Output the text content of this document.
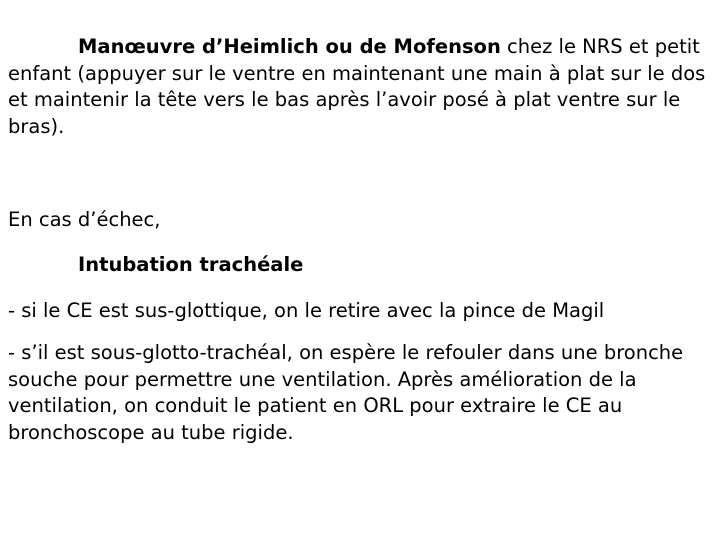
Manœuvre d’Heimlich ou de Mofenson chez le NRS et petit enfant (appuyer sur le ventre en maintenant une main à plat sur le dos et maintenir la tête vers le bas après l’avoir posé à plat ventre sur le bras).

En cas d’échec,

Intubation trachéale

- si le CE est sus-glottique, on le retire avec la pince de Magil

- s’il est sous-glotto-trachéal, on espère le refouler dans une bronche souche pour permettre une ventilation. Après amélioration de la ventilation, on conduit le patient en ORL pour extraire le CE au bronchoscope au tube rigide.
